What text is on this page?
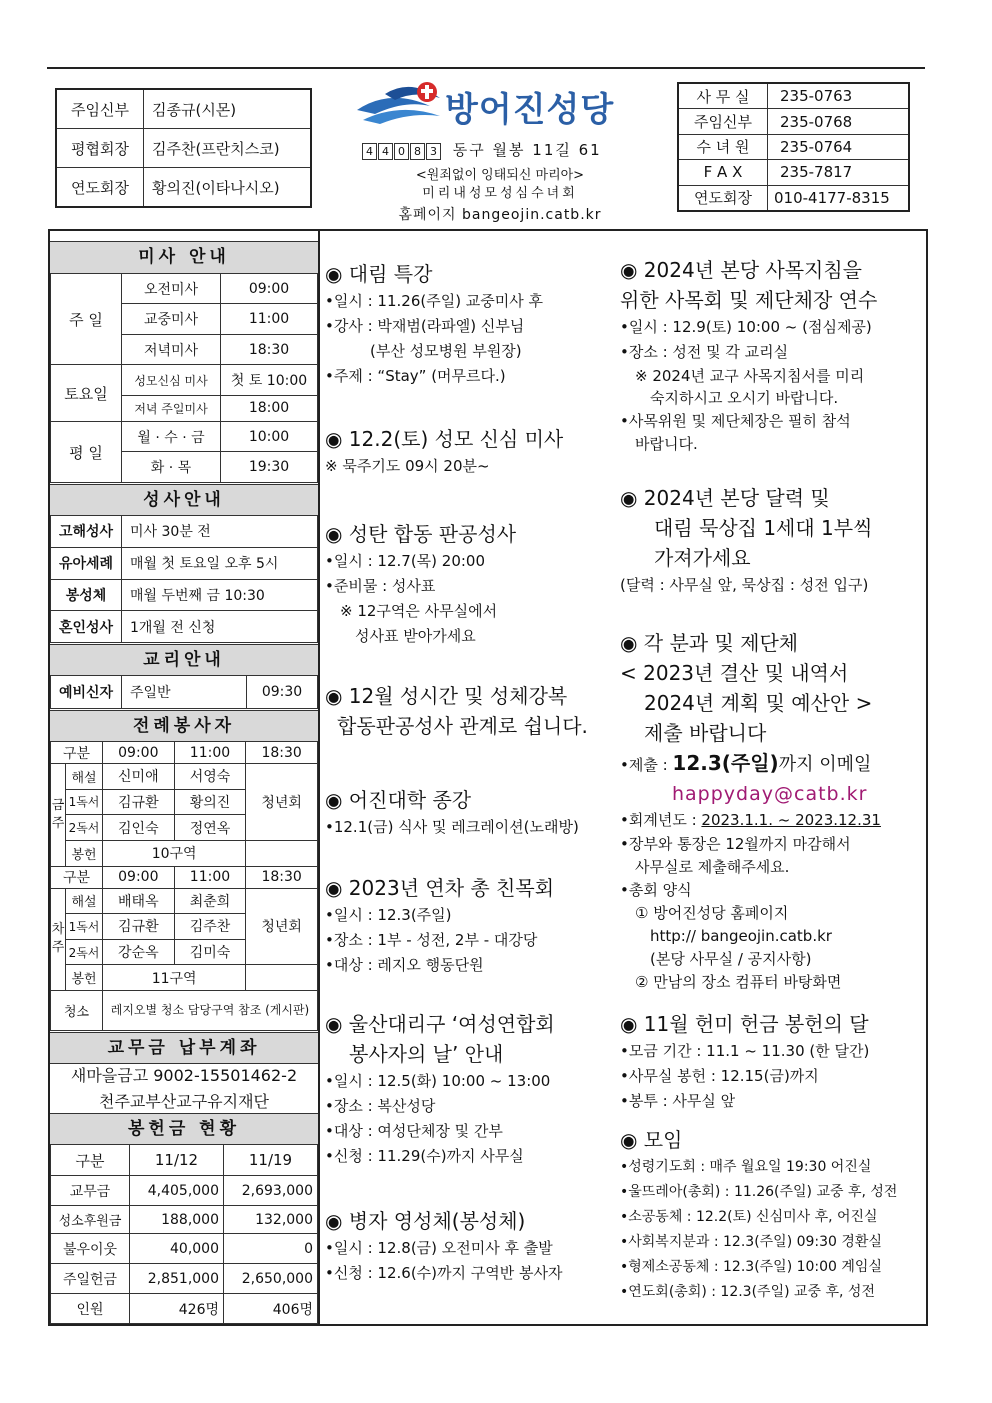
주임신부	김종규(시몬)
평협회장	김주찬(프란치스코)
연도회장	황의진(이타나시오)
방어진성당
4 4 0 8 3 동구 월봉 11길 61
<원죄없이 잉태되신 마리아>
미리내성모성심수녀회
홈페이지 bangeojin.catb.kr
사 무 실	235-0763
주임신부	235-0768
수 녀 원	235-0764
F A X	235-7817
연도회장	010-4177-8315
미사 안내
주 일	오전미사	09:00
	교중미사	11:00
	저녁미사	18:30
토요일	성모신심 미사	첫 토 10:00
	저녁 주일미사	18:00
평 일	월 · 수 · 금	10:00
	화 · 목	19:30
성사안내
고해성사	미사 30분 전
유아세례	매월 첫 토요일 오후 5시
봉성체	매월 두번째 금 10:30
혼인성사	1개월 전 신청
교리안내
예비신자	주일반	09:30
전례봉사자
구분		09:00	11:00	18:30
금주	해설	신미애	서영숙	청년회
	1독서	김규환	황의진	
	2독서	김인숙	정연옥	
	봉헌	10구역		
구분		09:00	11:00	18:30
차주	해설	배태옥	최춘희	청년회
	1독서	김규환	김주찬	
	2독서	강순옥	김미숙	
	봉헌	11구역		
청소		레지오별 청소 담당구역 참조 (게시판)		
교무금 납부계좌
새마을금고 9002-15501462-2
천주교부산교구유지재단
봉헌금 현황
구분	11/12	11/19
교무금	4,405,000	2,693,000
성소후원금	188,000	132,000
불우이웃	40,000	0
주일헌금	2,851,000	2,650,000
인원	426명	406명
◉ 대림 특강
•일시 : 11.26(주일) 교중미사 후
•강사 : 박재범(라파엘) 신부님
　　　(부산 성모병원 부원장)
•주제 : “Stay” (머무르다.)
◉ 12.2(토) 성모 신심 미사
※ 묵주기도 09시 20분~
◉ 성탄 합동 판공성사
•일시 : 12.7(목) 20:00
•준비물 : 성사표
　※ 12구역은 사무실에서
　　성사표 받아가세요
◉ 12월 성시간 및 성체강복
합동판공성사 관계로 쉽니다.
◉ 어진대학 종강
•12.1(금) 식사 및 레크레이션(노래방)
◉ 2023년 연차 총 친목회
•일시 : 12.3(주일)
•장소 : 1부 - 성전, 2부 - 대강당
•대상 : 레지오 행동단원
◉ 울산대리구 ‘여성연합회
봉사자의 날’ 안내
•일시 : 12.5(화) 10:00 ~ 13:00
•장소 : 복산성당
•대상 : 여성단체장 및 간부
•신청 : 11.29(수)까지 사무실
◉ 병자 영성체(봉성체)
•일시 : 12.8(금) 오전미사 후 출발
•신청 : 12.6(수)까지 구역반 봉사자
◉ 2024년 본당 사목지침을
위한 사목회 및 제단체장 연수
•일시 : 12.9(토) 10:00 ~ (점심제공)
•장소 : 성전 및 각 교리실
　※ 2024년 교구 사목지침서를 미리
　　숙지하시고 오시기 바랍니다.
•사목위원 및 제단체장은 필히 참석
　바랍니다.
◉ 2024년 본당 달력 및
대림 묵상집 1세대 1부씩
가져가세요
(달력 : 사무실 앞, 묵상집 : 성전 입구)
◉ 각 분과 및 제단체
< 2023년 결산 및 내역서
2024년 계획 및 예산안 >
제출 바랍니다
•제출 : 12.3(주일)까지 이메일
happyday@catb.kr
•회계년도 : 2023.1.1. ~ 2023.12.31
•장부와 통장은 12월까지 마감해서
　사무실로 제출해주세요.
•총회 양식
　① 방어진성당 홈페이지
　　http:// bangeojin.catb.kr
　　(본당 사무실 / 공지사항)
　② 만남의 장소 컴퓨터 바탕화면
◉ 11월 헌미 헌금 봉헌의 달
•모금 기간 : 11.1 ~ 11.30 (한 달간)
•사무실 봉헌 : 12.15(금)까지
•봉투 : 사무실 앞
◉ 모임
•성령기도회 : 매주 월요일 19:30 어진실
•울뜨레아(총회) : 11.26(주일) 교중 후, 성전
•소공동체 : 12.2(토) 신심미사 후, 어진실
•사회복지분과 : 12.3(주일) 09:30 경환실
•형제소공동체 : 12.3(주일) 10:00 계임실
•연도회(총회) : 12.3(주일) 교중 후, 성전
